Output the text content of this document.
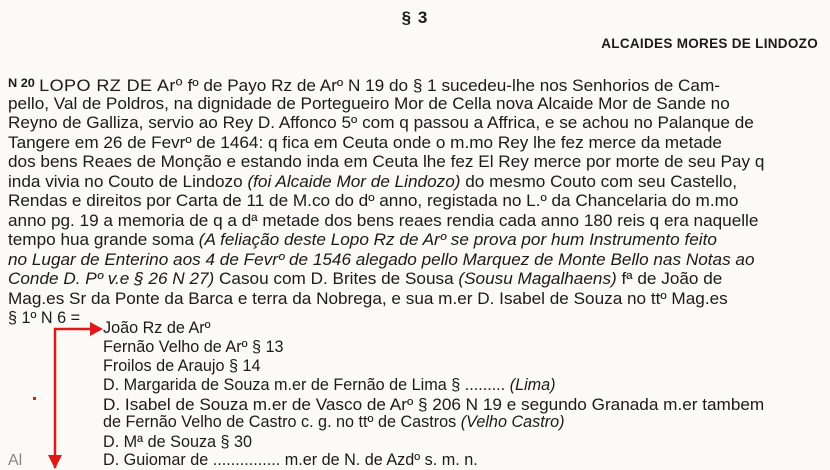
§ 3
ALCAIDES MORES DE LINDOZO
$^{N 20}$ LOPO RZ DE Arº fº de Payo Rz de Arº N 19 do § 1 sucedeu-lhe nos Senhorios de Cam-
pello, Val de Poldros, na dignidade de Portegueiro Mor de Cella nova Alcaide Mor de Sande no
Reyno de Galliza, servio ao Rey D. Affonco 5º com q passou a Affrica, e se achou no Palanque de
Tangere em 26 de Fevrº de 1464: q fica em Ceuta onde o m.mo Rey lhe fez merce da metade
dos bens Reaes de Monção e estando inda em Ceuta lhe fez El Rey merce por morte de seu Pay q
inda vivia no Couto de Lindozo (foi Alcaide Mor de Lindozo) do mesmo Couto com seu Castello,
Rendas e direitos por Carta de 11 de M.co do dº anno, registada no L.º da Chancelaria do m.mo
anno pg. 19 a memoria de q a dª metade dos bens reaes rendia cada anno 180 reis q era naquelle
tempo hua grande soma (A feliação deste Lopo Rz de Arº se prova por hum Instrumento feito
no Lugar de Enterino aos 4 de Fevrº de 1546 alegado pello Marquez de Monte Bello nas Notas ao
Conde D. Pº v.e § 26 N 27) Casou com D. Brites de Sousa (Sousu Magalhaens) fª de João de
Mag.es Sr da Ponte da Barca e terra da Nobrega, e sua m.er D. Isabel de Souza no ttº Mag.es
§ 1º N 6 =
João Rz de Arº
Fernão Velho de Arº § 13
Froilos de Araujo § 14
D. Margarida de Souza m.er de Fernão de Lima § ......... (Lima)
D. Isabel de Souza m.er de Vasco de Arº § 206 N 19 e segundo Granada m.er tambem
de Fernão Velho de Castro c. g. no ttº de Castros (Velho Castro)
D. Mª de Souza § 30
D. Guiomar de ............... m.er de N. de Azdº s. m. n.
Al
